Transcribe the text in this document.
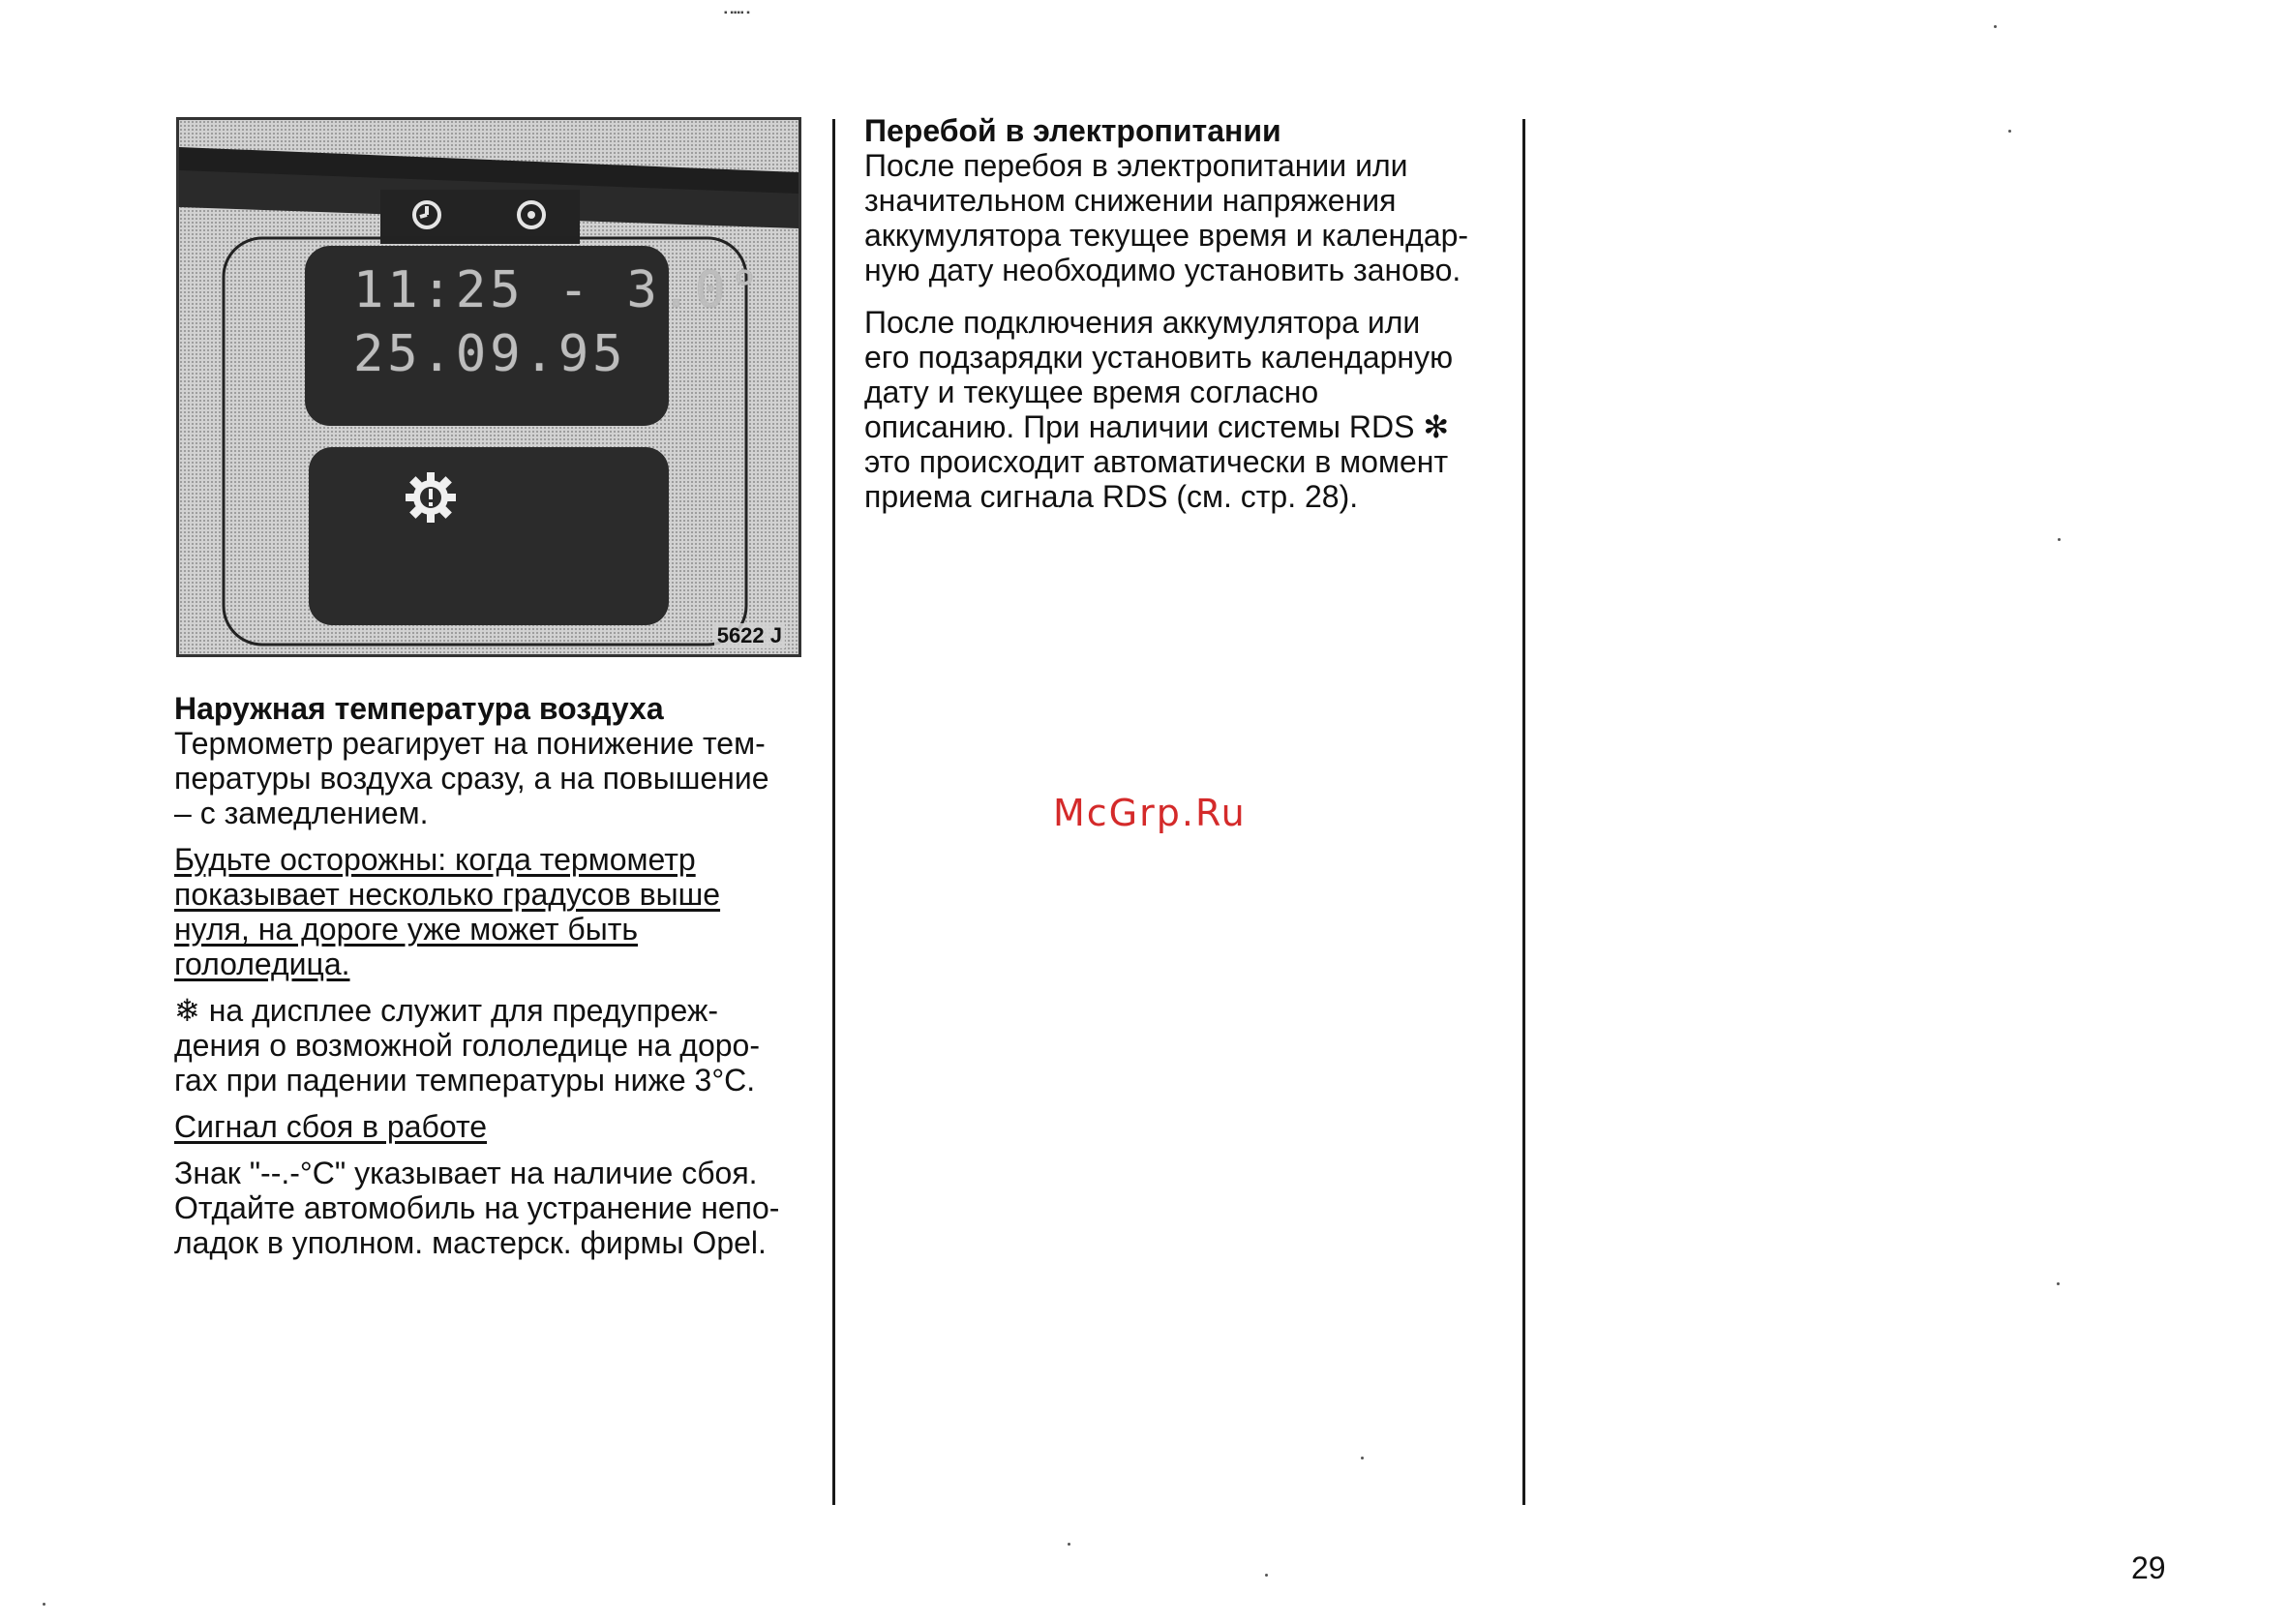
▪ ▪▪▪▪ ▪
11:25 - 3.0°
25.09.95
5622 J
Наружная температура воздуха

Термометр реагирует на понижение тем-
пературы воздуха сразу, а на повышение
– с замедлением.

Будьте осторожны: когда термометр
показывает несколько градусов выше
нуля, на дороге уже может быть
гололедица.

❄ на дисплее служит для предупреж-
дения о возможной гололедице на доро-
гах при падении температуры ниже 3°С.

Сигнал сбоя в работе

Знак "--.-°С" указывает на наличие сбоя.
Отдайте автомобиль на устранение непо-
ладок в уполном. мастерск. фирмы Opel.

Перебой в электропитании

После перебоя в электропитании или
значительном снижении напряжения
аккумулятора текущее время и календар-
ную дату необходимо установить заново.

После подключения аккумулятора или
его подзарядки установить календарную
дату и текущее время согласно
описанию. При наличии системы RDS ✻
это происходит автоматически в момент
приема сигнала RDS (см. стр. 28).

McGrp.Ru
29
